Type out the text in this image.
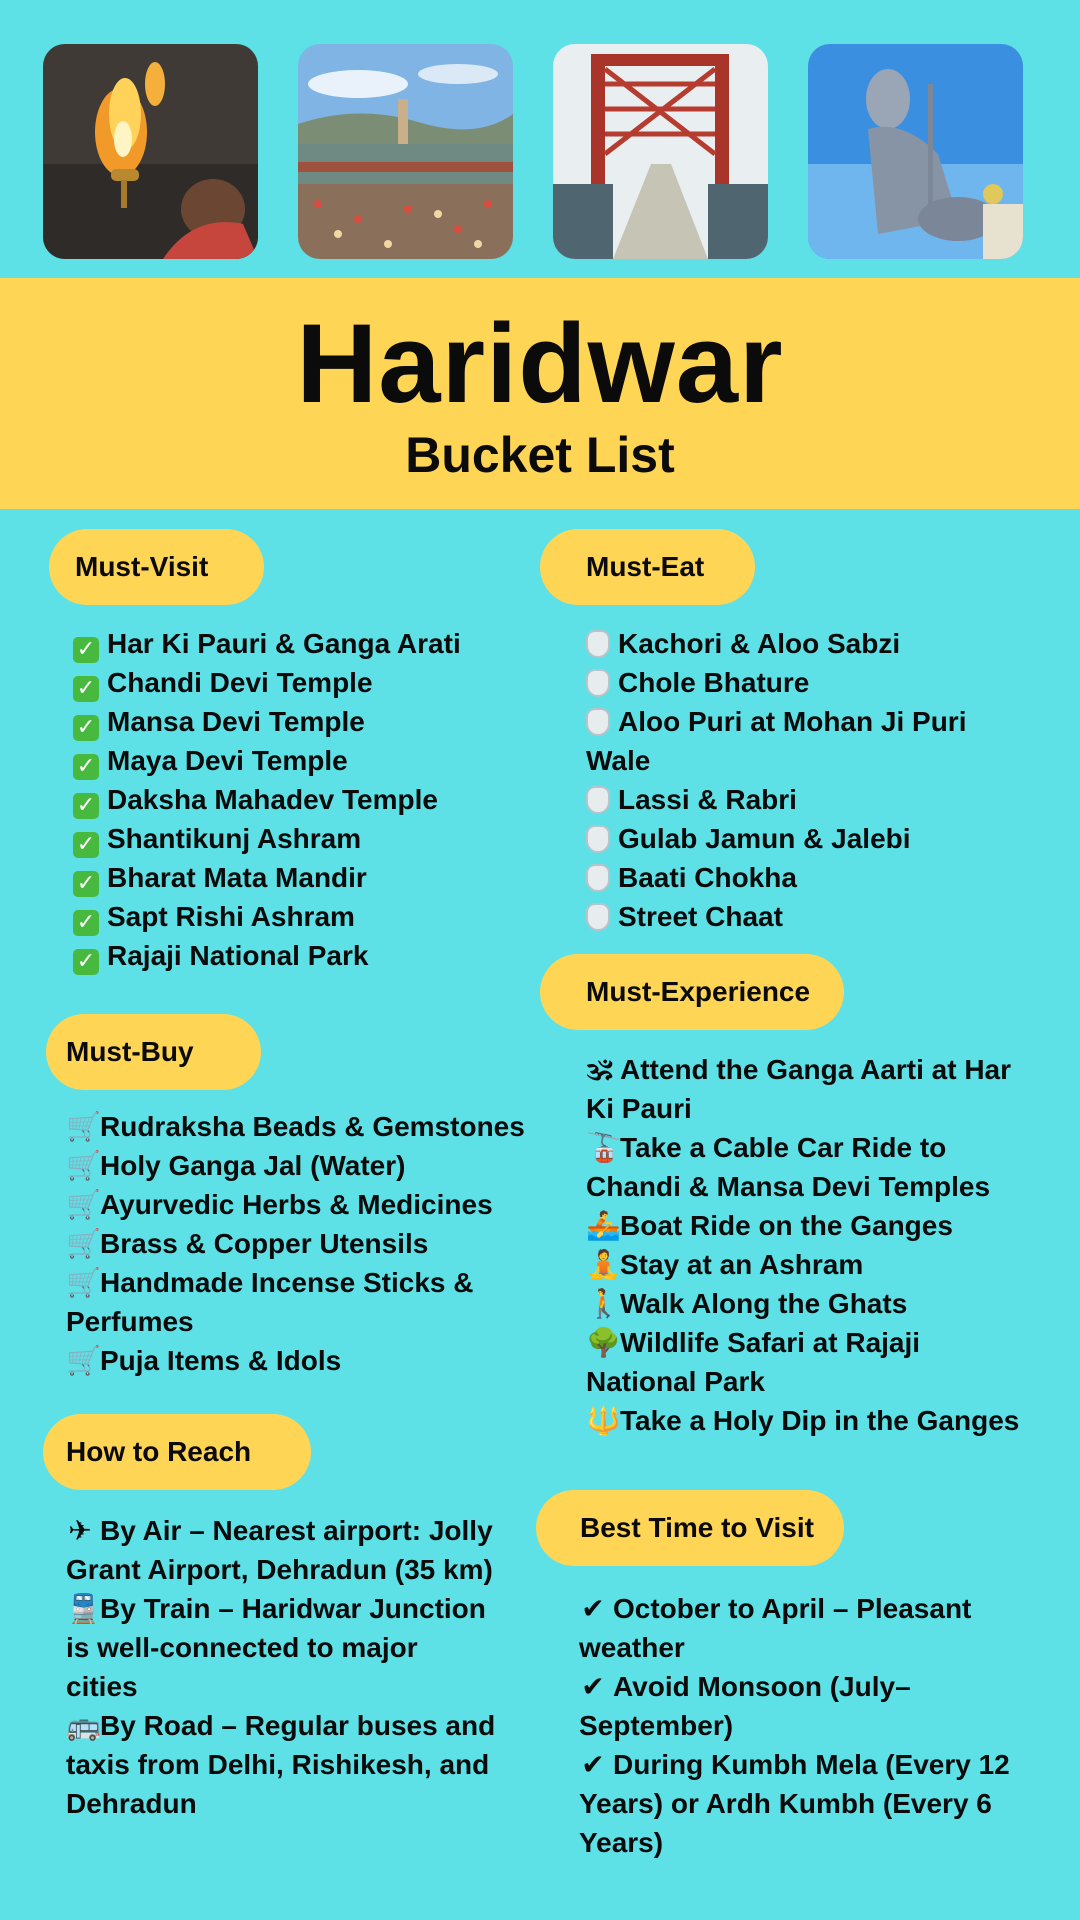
Haridwar
Bucket List
Must-Visit
✓ Har Ki Pauri & Ganga Arati
✓ Chandi Devi Temple
✓ Mansa Devi Temple
✓ Maya Devi Temple
✓ Daksha Mahadev Temple
✓ Shantikunj Ashram
✓ Bharat Mata Mandir
✓ Sapt Rishi Ashram
✓ Rajaji National Park
Must-Eat
Kachori & Aloo Sabzi
Chole Bhature
Aloo Puri at Mohan Ji Puri Wale
Lassi & Rabri
Gulab Jamun & Jalebi
Baati Chokha
Street Chaat
Must-Experience
🕉 Attend the Ganga Aarti at Har Ki Pauri
🚡Take a Cable Car Ride to Chandi & Mansa Devi Temples
🚣Boat Ride on the Ganges
🧘Stay at an Ashram
🚶Walk Along the Ghats
🌳Wildlife Safari at Rajaji National Park
🔱Take a Holy Dip in the Ganges
Must-Buy
🛒Rudraksha Beads & Gemstones
🛒Holy Ganga Jal (Water)
🛒Ayurvedic Herbs & Medicines
🛒Brass & Copper Utensils
🛒Handmade Incense Sticks & Perfumes
🛒Puja Items & Idols
How to Reach
✈ By Air – Nearest airport: Jolly Grant Airport, Dehradun (35 km)
🚆By Train – Haridwar Junction is well-connected to major cities
🚌By Road – Regular buses and taxis from Delhi, Rishikesh, and Dehradun
Best Time to Visit
✔ October to April – Pleasant weather
✔ Avoid Monsoon (July–September)
✔ During Kumbh Mela (Every 12 Years) or Ardh Kumbh (Every 6 Years)
